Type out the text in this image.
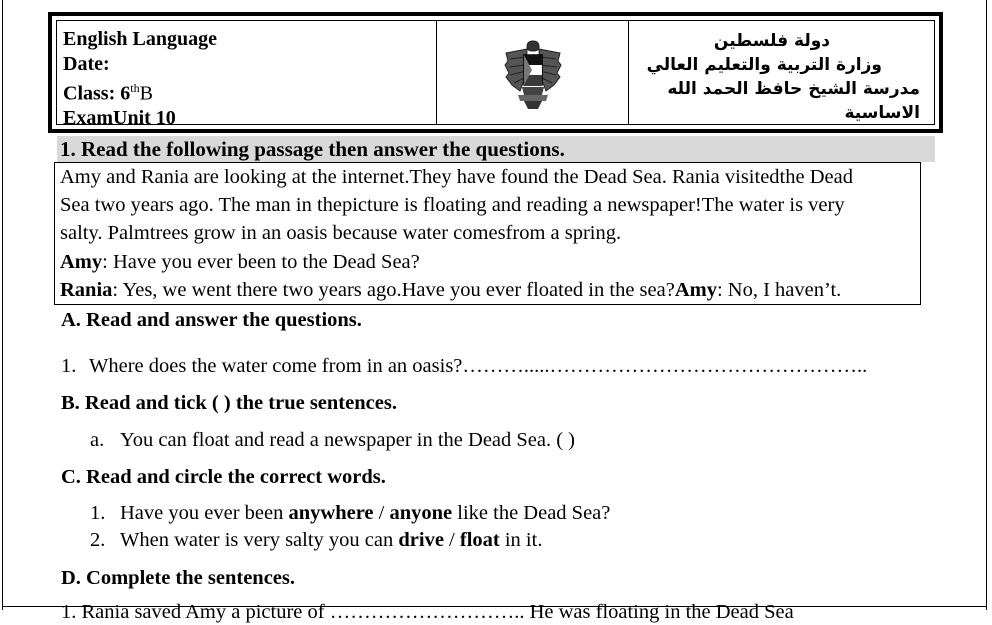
English Language
Date:
Class: 6thB
ExamUnit 10
دولة فلسطين
وزارة التربية والتعليم العالي
مدرسة الشيخ حافظ الحمد الله الاساسية
1. Read the following passage then answer the questions.

Amy and Rania are looking at the internet.They have found the Dead Sea. Rania visitedthe Dead

Sea two years ago. The man in thepicture is floating and reading a newspaper!The water is very

salty. Palmtrees grow in an oasis because water comesfrom a spring.

Amy: Have you ever been to the Dead Sea?

Rania: Yes, we went there two years ago.Have you ever floated in the sea?Amy: No, I haven’t.

A. Read and answer the questions.
1. Where does the water come from in an oasis?……….....………………………………………..
B. Read and tick ( ) the true sentences.
a. You can float and read a newspaper in the Dead Sea. ( )
C. Read and circle the correct words.
1. Have you ever been anywhere / anyone like the Dead Sea?
2. When water is very salty you can drive / float in it.
D. Complete the sentences.
1. Rania saved Amy a picture of ……………………….. He was floating in the Dead Sea
